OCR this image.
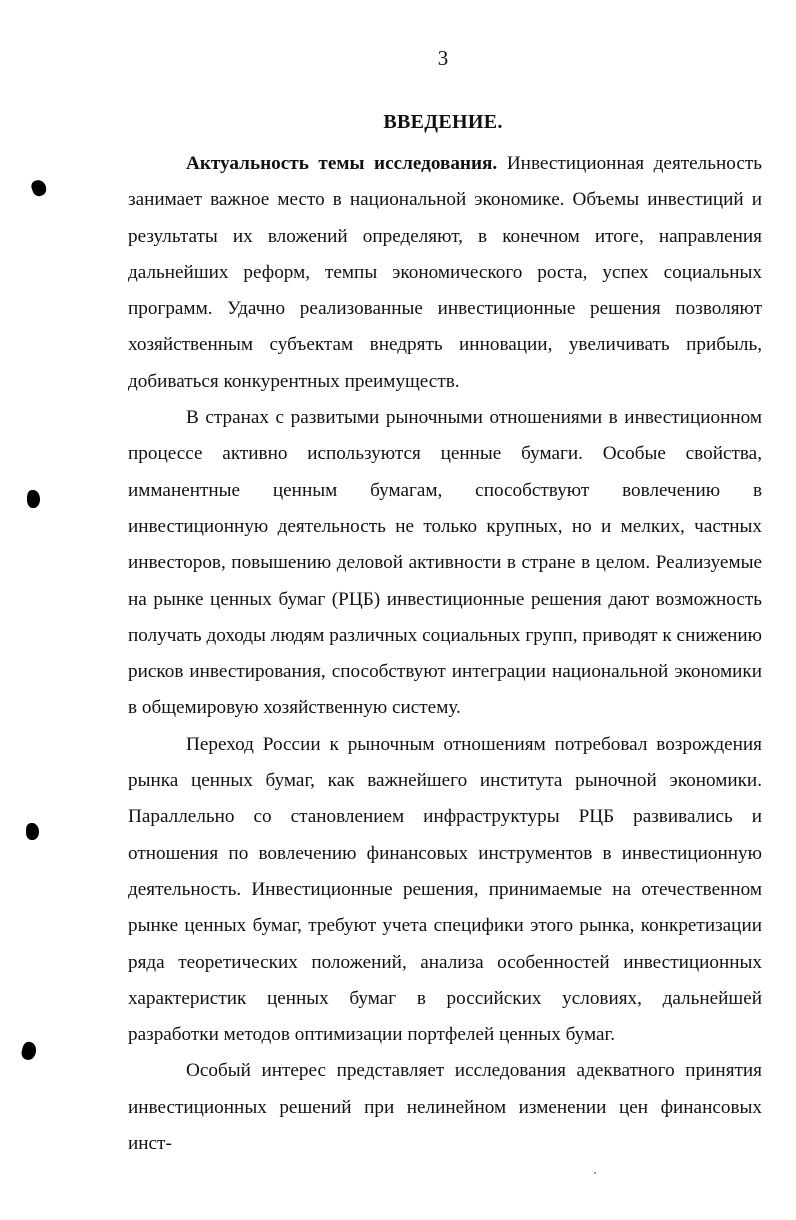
3
ВВЕДЕНИЕ.

Актуальность темы исследования. Инвестиционная деятельность занимает важное место в национальной экономике. Объемы инвестиций и результаты их вложений определяют, в конечном итоге, направления дальнейших реформ, темпы экономического роста, успех социальных программ. Удачно реализованные инвестиционные решения позволяют хозяйственным субъектам внедрять инновации, увеличивать прибыль, добиваться конкурентных преимуществ.

В странах с развитыми рыночными отношениями в инвестиционном процессе активно используются ценные бумаги. Особые свойства, имманентные ценным бумагам, способствуют вовлечению в инвестиционную деятельность не только крупных, но и мелких, частных инвесторов, повышению деловой активности в стране в целом. Реализуемые на рынке ценных бумаг (РЦБ) инвестиционные решения дают возможность получать доходы людям различных социальных групп, приводят к снижению рисков инвестирования, способствуют интеграции национальной экономики в общемировую хозяйственную систему.

Переход России к рыночным отношениям потребовал возрождения рынка ценных бумаг, как важнейшего института рыночной экономики. Параллельно со становлением инфраструктуры РЦБ развивались и отношения по вовлечению финансовых инструментов в инвестиционную деятельность. Инвестиционные решения, принимаемые на отечественном рынке ценных бумаг, требуют учета специфики этого рынка, конкретизации ряда теоретических положений, анализа особенностей инвестиционных характеристик ценных бумаг в российских условиях, дальнейшей разработки методов оптимизации портфелей ценных бумаг.

Особый интерес представляет исследования адекватного принятия инвестиционных решений при нелинейном изменении цен финансовых инст-
